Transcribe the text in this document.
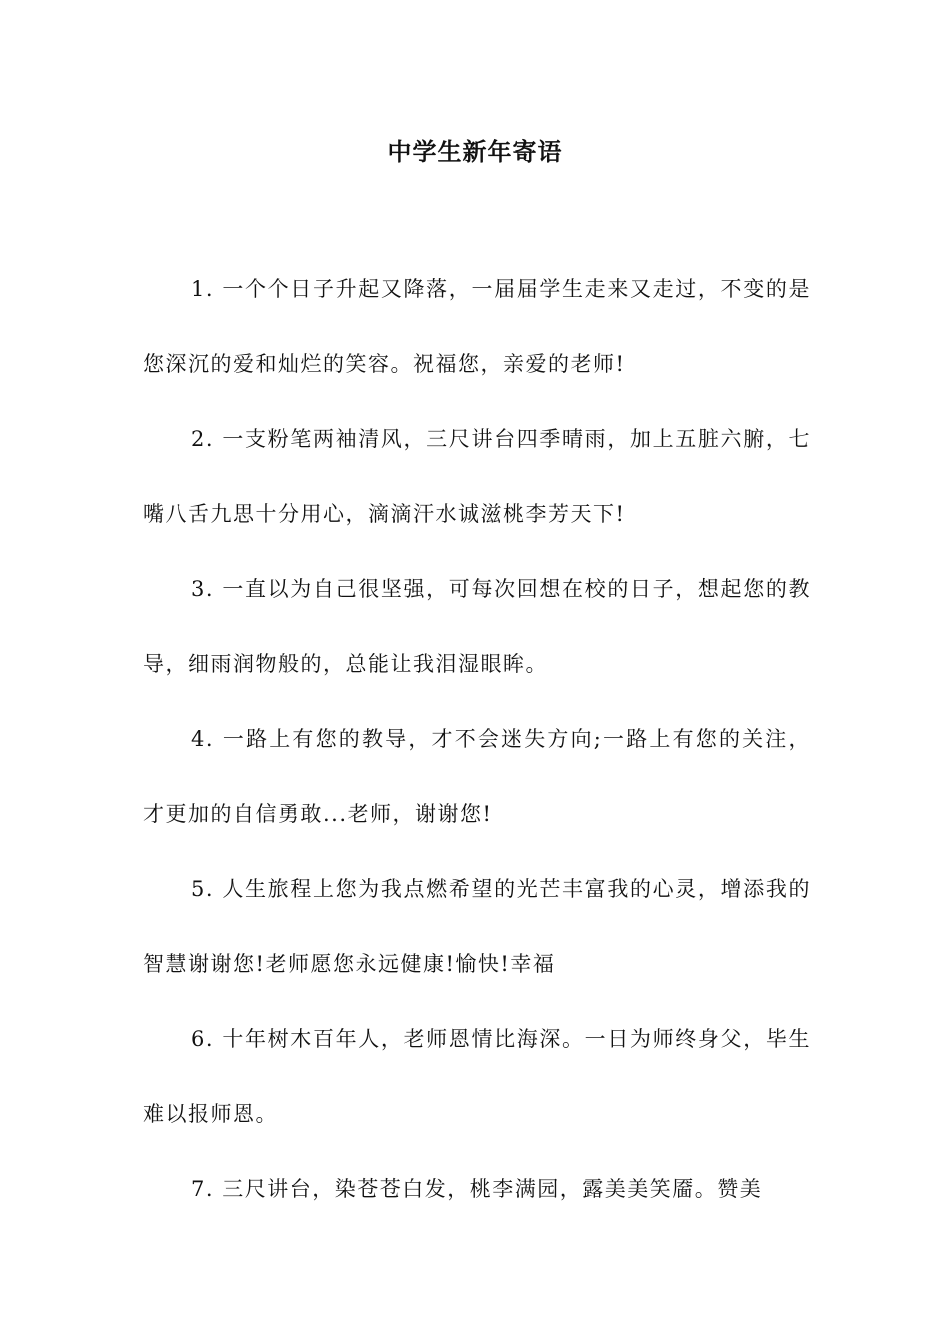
中学生新年寄语

1. 一个个日子升起又降落，一届届学生走来又走过，不变的是您深沉的爱和灿烂的笑容。祝福您，亲爱的老师!

2. 一支粉笔两袖清风，三尺讲台四季晴雨，加上五脏六腑，七嘴八舌九思十分用心，滴滴汗水诚滋桃李芳天下!

3. 一直以为自己很坚强，可每次回想在校的日子，想起您的教导，细雨润物般的，总能让我泪湿眼眸。

4. 一路上有您的教导，才不会迷失方向;一路上有您的关注，才更加的自信勇敢...老师，谢谢您!

5. 人生旅程上您为我点燃希望的光芒丰富我的心灵，增添我的智慧谢谢您!老师愿您永远健康!愉快!幸福

6. 十年树木百年人，老师恩情比海深。一日为师终身父，毕生难以报师恩。

7. 三尺讲台，染苍苍白发，桃李满园，露美美笑靥。赞美
